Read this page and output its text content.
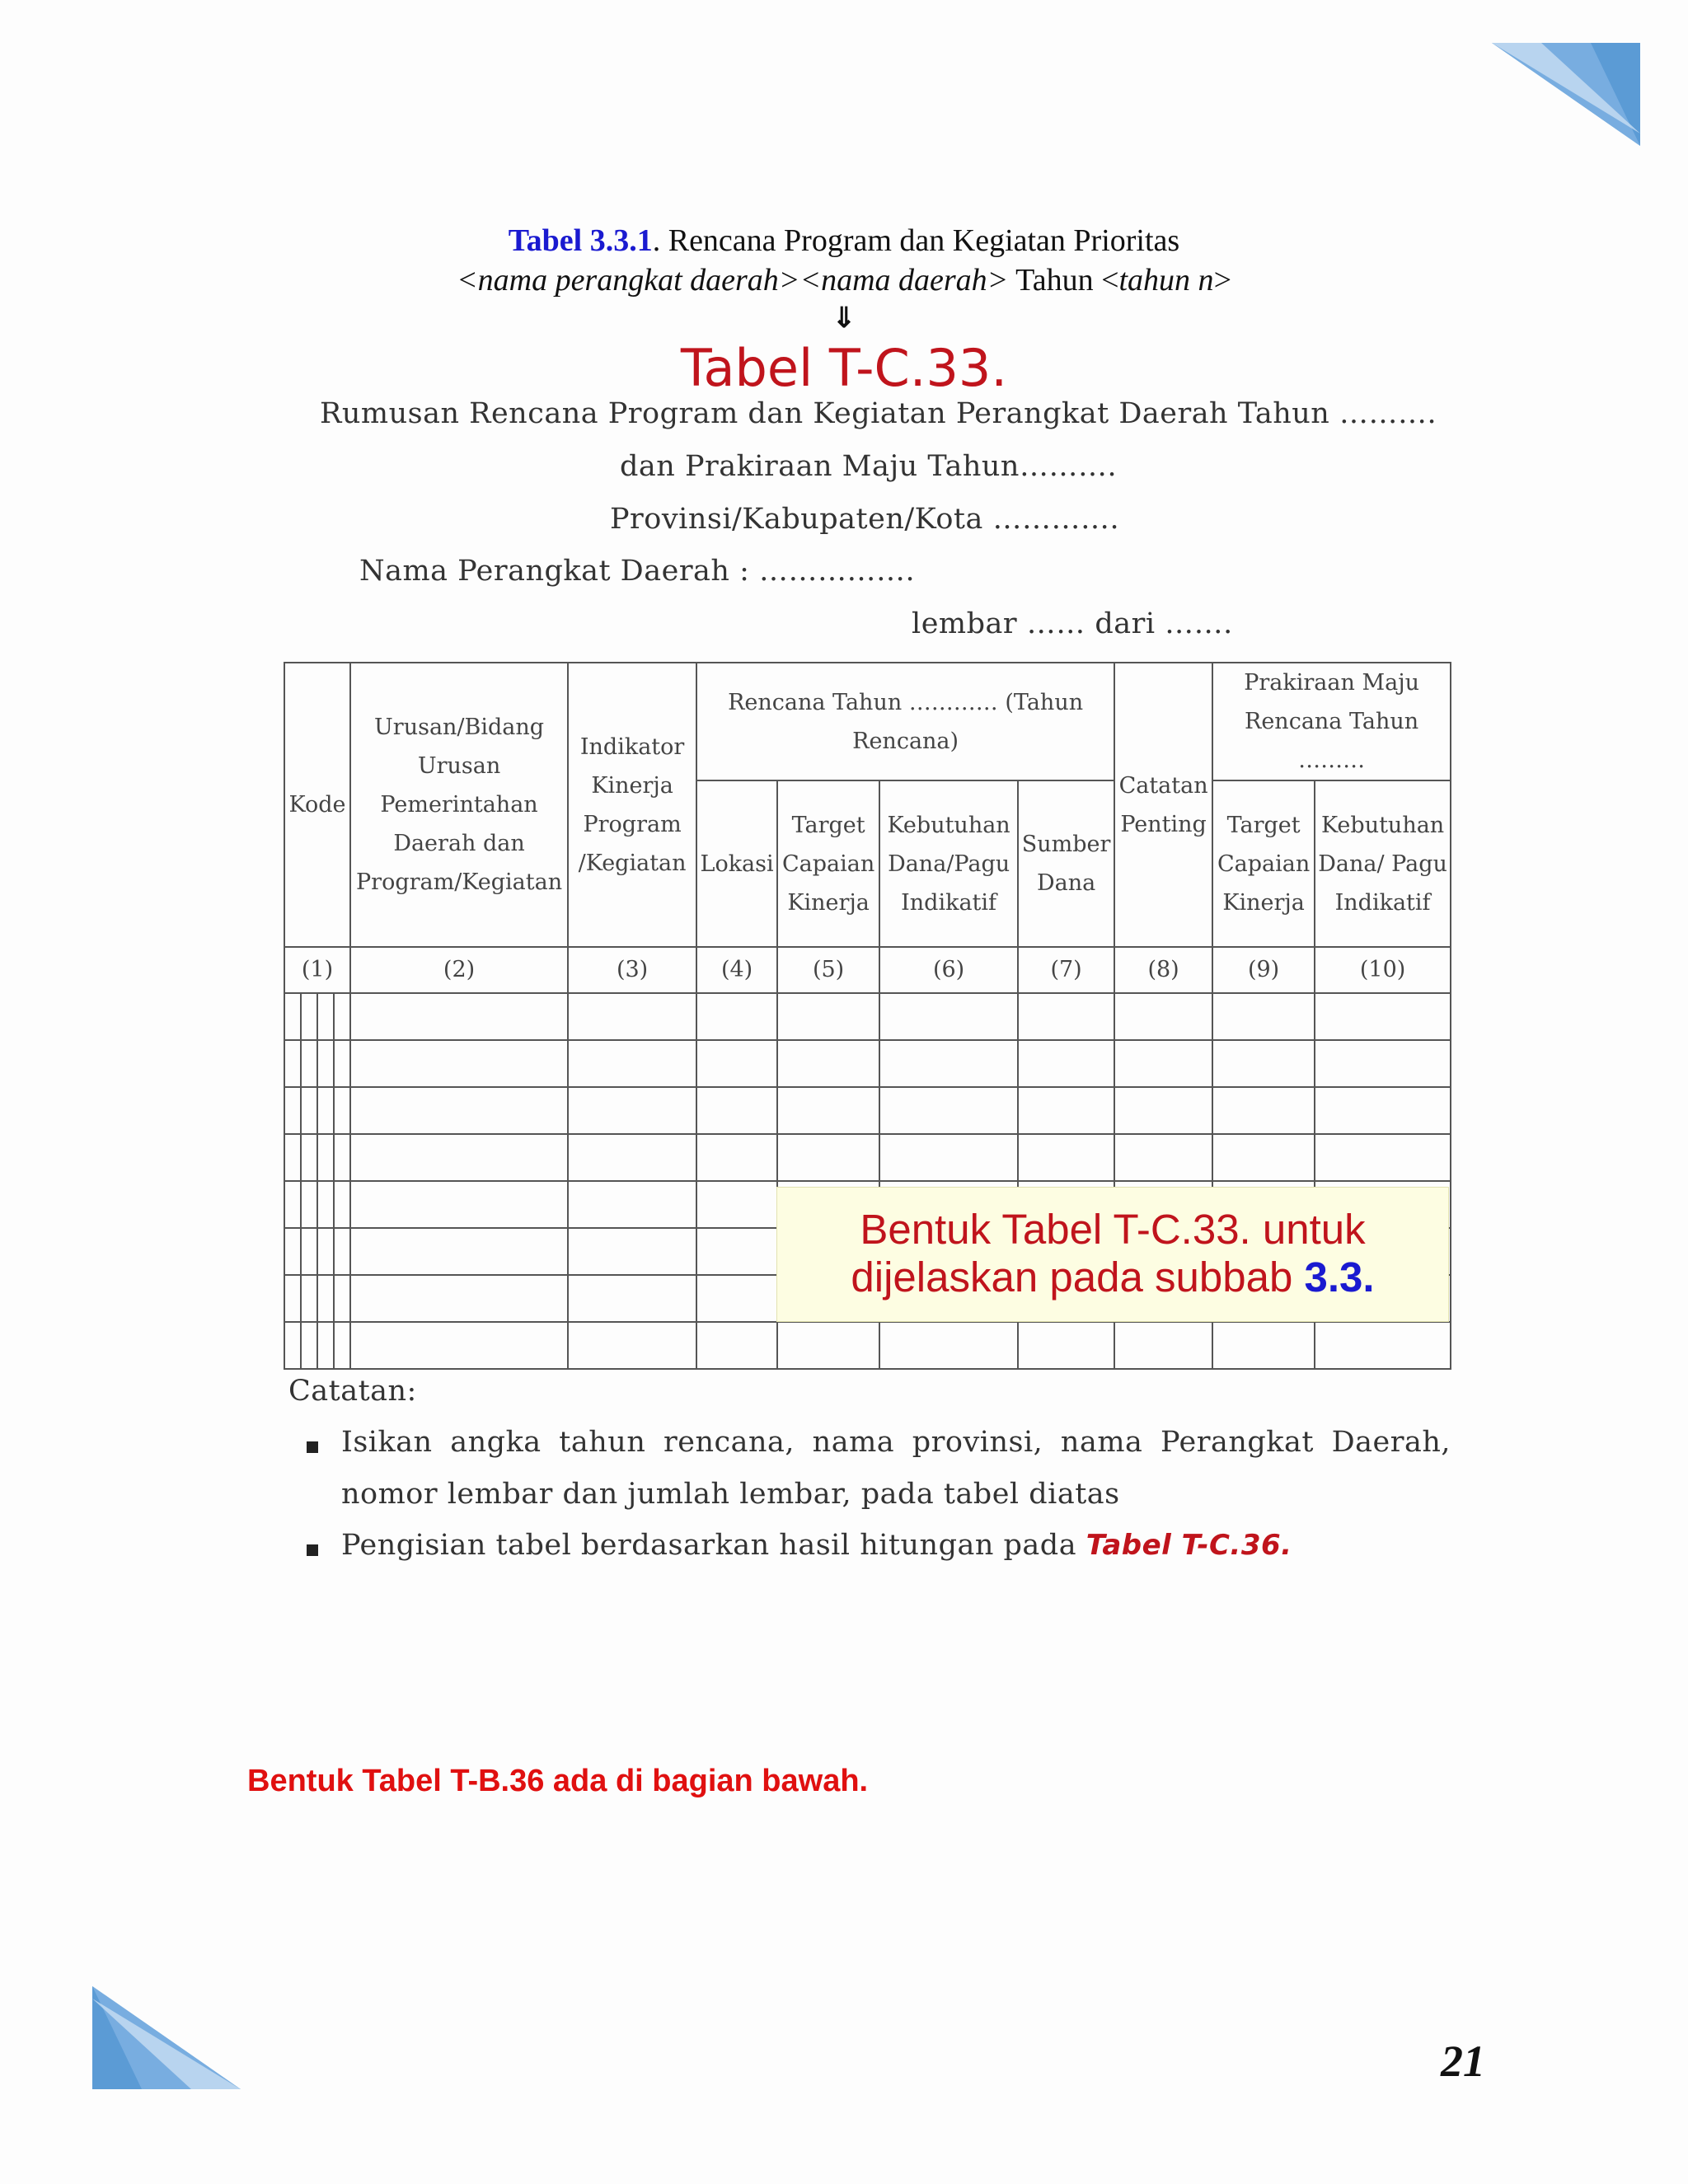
Tabel 3.3.1. Rencana Program dan Kegiatan Prioritas
<nama perangkat daerah><nama daerah> Tahun <tahun n>
⇓
Tabel T-C.33.
Rumusan Rencana Program dan Kegiatan Perangkat Daerah Tahun ……….
dan Prakiraan Maju Tahun……….
Provinsi/Kabupaten/Kota ………….
Nama Perangkat Daerah : …………….
lembar …… dari …….
Kode	Urusan/Bidang Urusan Pemerintahan Daerah dan Program/Kegiatan	Indikator Kinerja Program /Kegiatan	Rencana Tahun ………… (Tahun Rencana)				Catatan Penting	Prakiraan Maju Rencana Tahun ………	
			Lokasi	Target Capaian Kinerja	Kebutuhan Dana/Pagu Indikatif	Sumber Dana		Target Capaian Kinerja	Kebutuhan Dana/ Pagu Indikatif
(1)	(2)	(3)	(4)	(5)	(6)	(7)	(8)	(9)	(10)

Bentuk Tabel T-C.33. untuk
dijelaskan pada subbab 3.3.
Catatan:
Isikan angka tahun rencana, nama provinsi, nama Perangkat Daerah,
nomor lembar dan jumlah lembar, pada tabel diatas
Pengisian tabel berdasarkan hasil hitungan pada Tabel T-C.36.
Bentuk Tabel T-B.36 ada di bagian bawah.
21
